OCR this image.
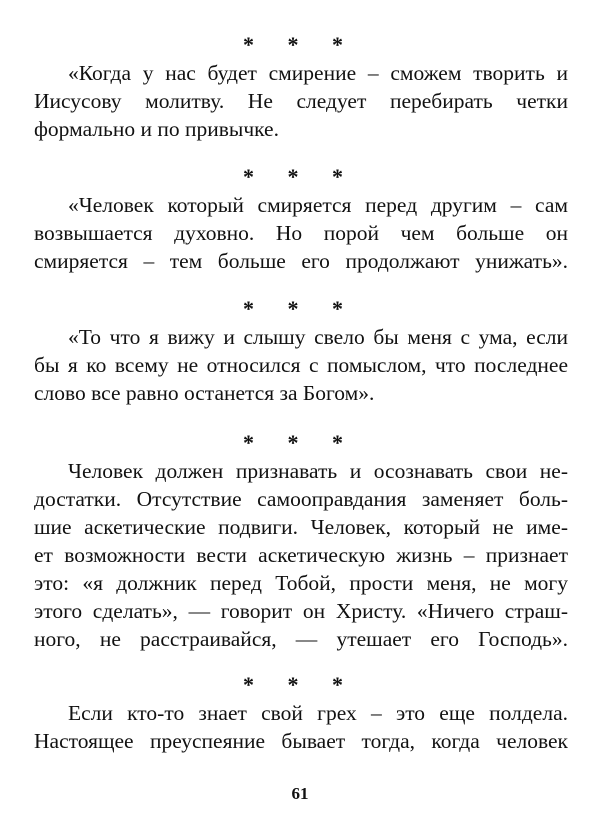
* * *
«Когда у нас будет смирение – сможем творить и
Иисусову молитву. Не следует перебирать четки
формально и по привычке.
* * *
«Человек который смиряется перед другим – сам
возвышается духовно. Но порой чем больше он
смиряется – тем больше его продолжают унижать».
* * *
«То что я вижу и слышу свело бы меня с ума, если
бы я ко всему не относился с помыслом, что последнее
слово все равно останется за Богом».
* * *
Человек должен признавать и осознавать свои не-
достатки. Отсутствие самооправдания заменяет боль-
шие аскетические подвиги. Человек, который не име-
ет возможности вести аскетическую жизнь – признает
это: «я должник перед Тобой, прости меня, не могу
этого сделать», — говорит он Христу. «Ничего страш-
ного, не расстраивайся, — утешает его Господь».
* * *
Если кто-то знает свой грех – это еще полдела.
Настоящее преуспеяние бывает тогда, когда человек
61
